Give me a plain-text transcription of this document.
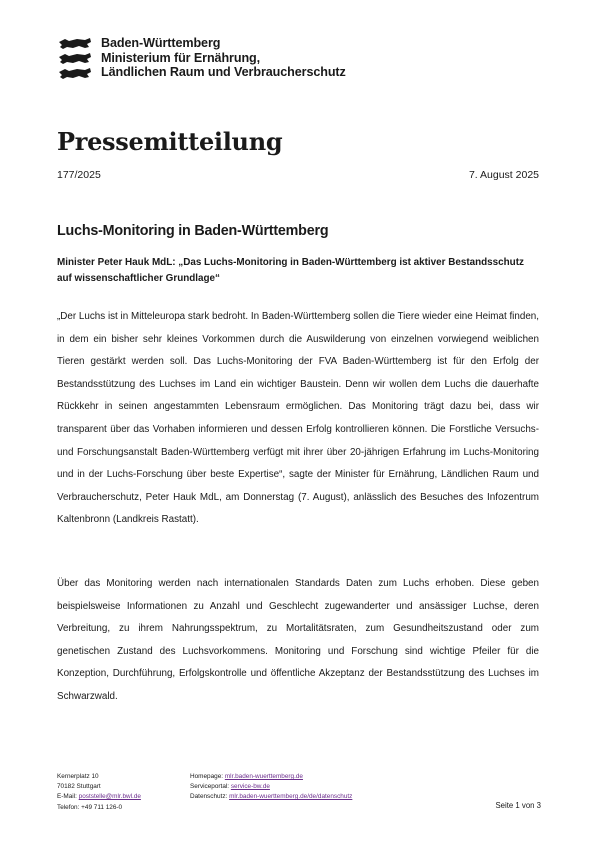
Baden-Württemberg
Ministerium für Ernährung,
Ländlichen Raum und Verbraucherschutz
Pressemitteilung
177/2025	7. August 2025
Luchs-Monitoring in Baden-Württemberg
Minister Peter Hauk MdL: „Das Luchs-Monitoring in Baden-Württemberg ist aktiver Bestandsschutz auf wissenschaftlicher Grundlage“
„Der Luchs ist in Mitteleuropa stark bedroht. In Baden-Württemberg sollen die Tiere wieder eine Heimat finden, in dem ein bisher sehr kleines Vorkommen durch die Auswilderung von einzelnen vorwiegend weiblichen Tieren gestärkt werden soll. Das Luchs-Monitoring der FVA Baden-Württemberg ist für den Erfolg der Bestandsstützung des Luchses im Land ein wichtiger Baustein. Denn wir wollen dem Luchs die dauerhafte Rückkehr in seinen angestammten Lebensraum ermöglichen. Das Monitoring trägt dazu bei, dass wir transparent über das Vorhaben informieren und dessen Erfolg kontrollieren können. Die Forstliche Versuchs- und Forschungsanstalt Baden-Württemberg verfügt mit ihrer über 20-jährigen Erfahrung im Luchs-Monitoring und in der Luchs-Forschung über beste Expertise“, sagte der Minister für Ernährung, Ländlichen Raum und Verbraucherschutz, Peter Hauk MdL, am Donnerstag (7. August), anlässlich des Besuches des Infozentrum Kaltenbronn (Landkreis Rastatt).
Über das Monitoring werden nach internationalen Standards Daten zum Luchs erhoben. Diese geben beispielsweise Informationen zu Anzahl und Geschlecht zugewanderter und ansässiger Luchse, deren Verbreitung, zu ihrem Nahrungsspektrum, zu Mortalitätsraten, zum Gesundheitszustand oder zum genetischen Zustand des Luchsvorkommens. Monitoring und Forschung sind wichtige Pfeiler für die Konzeption, Durchführung, Erfolgskontrolle und öffentliche Akzeptanz der Bestandsstützung des Luchses im Schwarzwald.
Kernerplatz 10
70182 Stuttgart
E-Mail: poststelle@mlr.bwl.de
Telefon: +49 711 126-0
Homepage: mlr.baden-wuerttemberg.de
Serviceportal: service-bw.de
Datenschutz: mlr.baden-wuerttemberg.de/de/datenschutz
Seite 1 von 3
